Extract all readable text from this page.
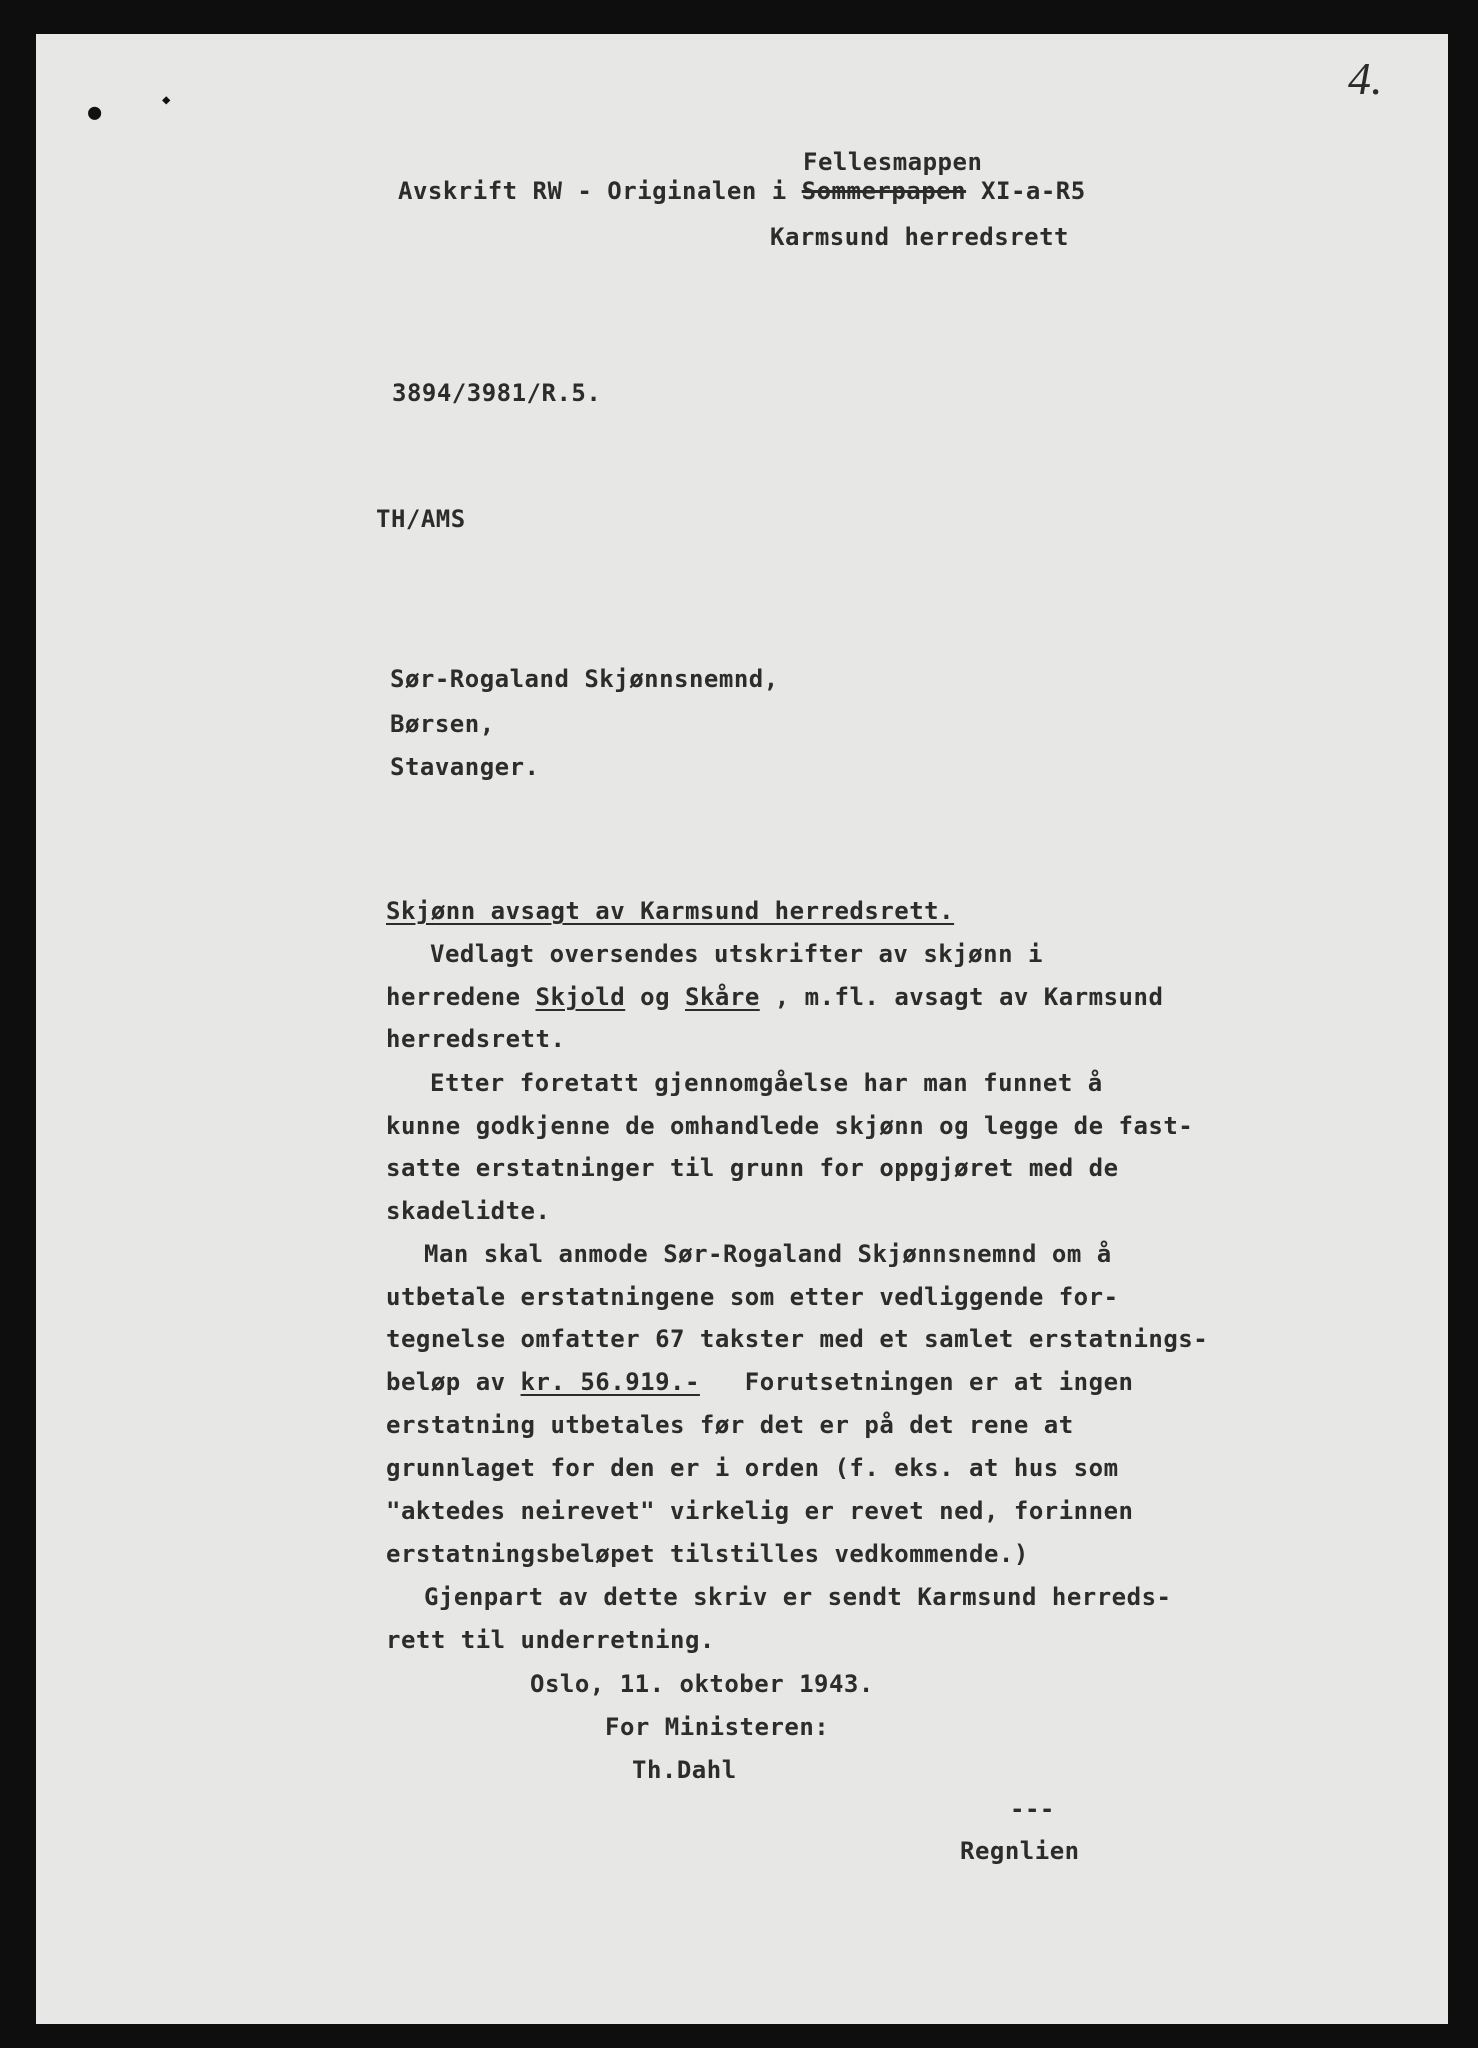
●	◆	4.
Fellesmappen
Avskrift RW - Originalen i Sommerpapen XI-a-R5
Karmsund herredsrett
3894/3981/R.5.
TH/AMS
Sør-Rogaland Skjønnsnemnd,
Børsen,
Stavanger.
Skjønn avsagt av Karmsund herredsrett.
Vedlagt oversendes utskrifter av skjønn i
herredene Skjold og Skåre , m.fl. avsagt av Karmsund
herredsrett.
Etter foretatt gjennomgåelse har man funnet å
kunne godkjenne de omhandlede skjønn og legge de fast-
satte erstatninger til grunn for oppgjøret med de
skadelidte.
Man skal anmode Sør-Rogaland Skjønnsnemnd om å
utbetale erstatningene som etter vedliggende for-
tegnelse omfatter 67 takster med et samlet erstatnings-
beløp av kr. 56.919.- Forutsetningen er at ingen
erstatning utbetales før det er på det rene at
grunnlaget for den er i orden (f. eks. at hus som
"aktedes neirevet" virkelig er revet ned, forinnen
erstatningsbeløpet tilstilles vedkommende.)
Gjenpart av dette skriv er sendt Karmsund herreds-
rett til underretning.
Oslo, 11. oktober 1943.
For Ministeren:
Th.Dahl
---
Regnlien
